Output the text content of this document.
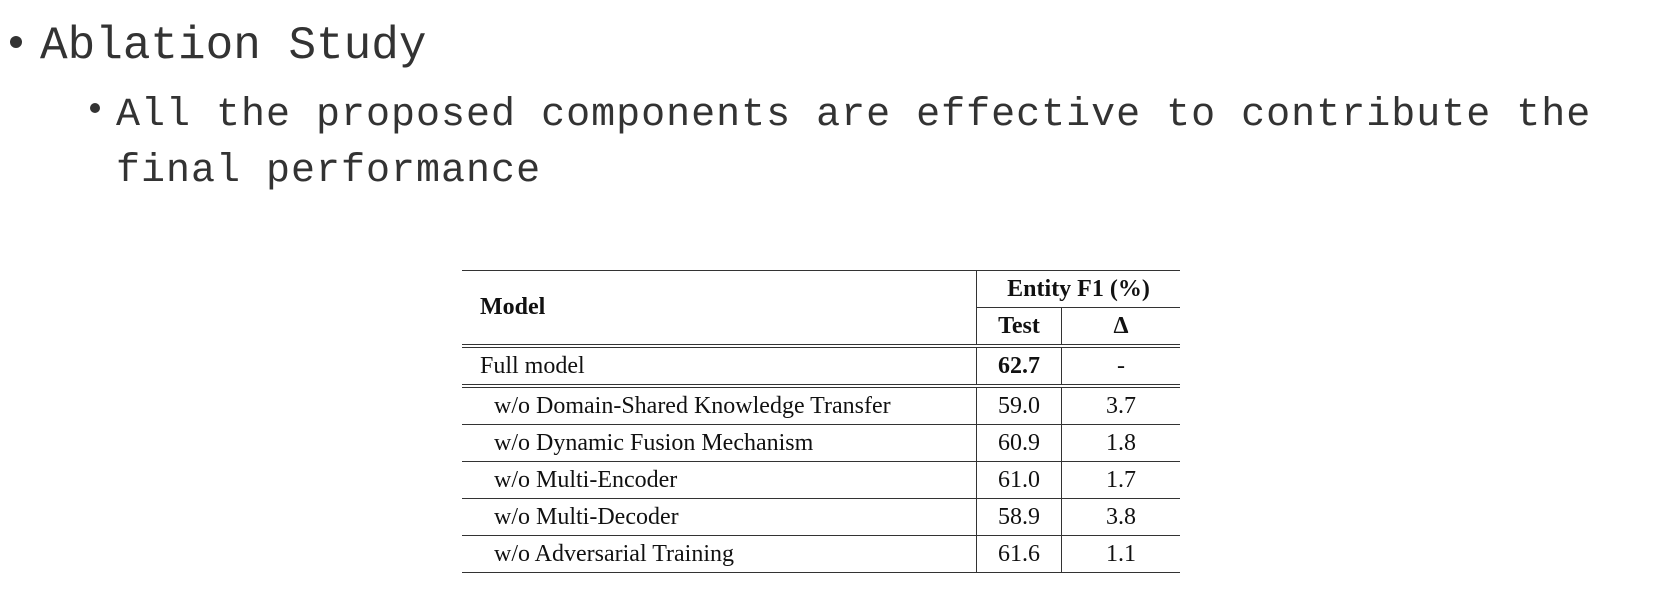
Ablation Study
All the proposed components are effective to contribute the final performance
Model	Entity F1 (%)	
	Test	Δ
Full model	62.7	-
w/o Domain-Shared Knowledge Transfer	59.0	3.7
w/o Dynamic Fusion Mechanism	60.9	1.8
w/o Multi-Encoder	61.0	1.7
w/o Multi-Decoder	58.9	3.8
w/o Adversarial Training	61.6	1.1
